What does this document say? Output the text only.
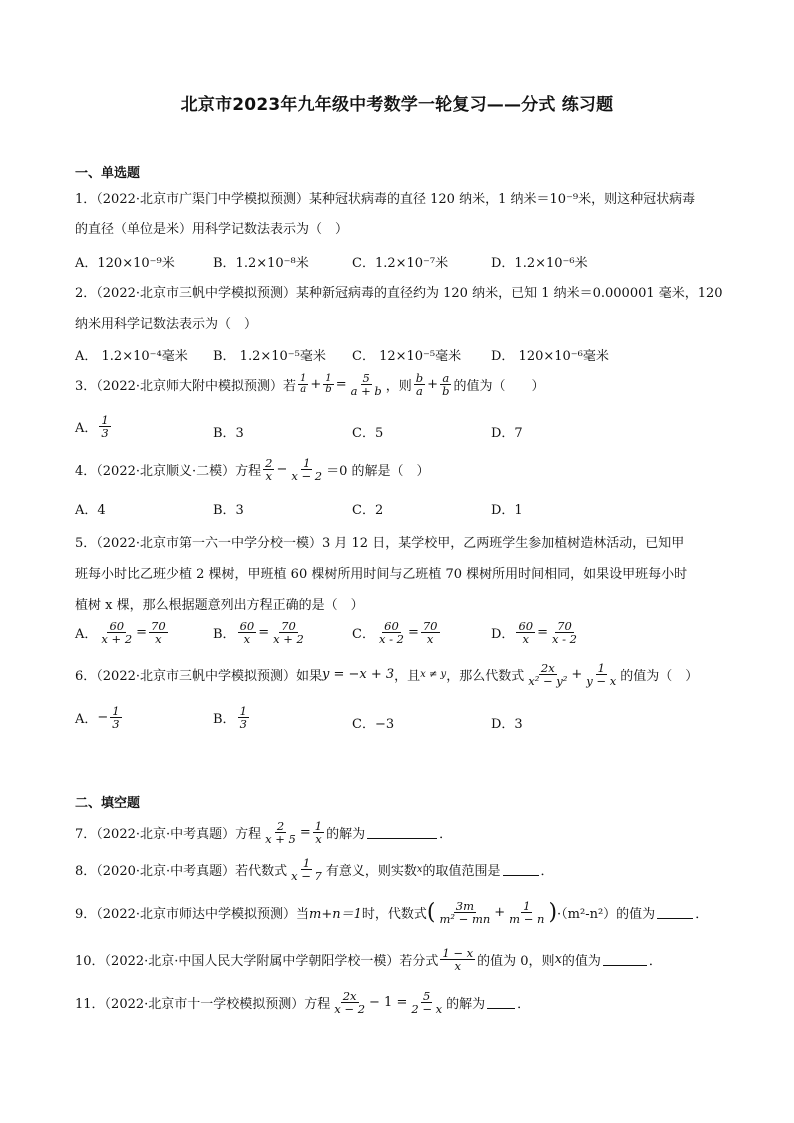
北京市2023年九年级中考数学一轮复习——分式 练习题
一、单选题
1．（2022·北京市广渠门中学模拟预测）某种冠状病毒的直径 120 纳米，1 纳米＝10⁻⁹米，则这种冠状病毒
的直径（单位是米）用科学记数法表示为（　）
A．120×10⁻⁹米	B．1.2×10⁻⁸米	C．1.2×10⁻⁷米	D．1.2×10⁻⁶米
2．（2022·北京市三帆中学模拟预测）某种新冠病毒的直径约为 120 纳米，已知 1 纳米＝0.000001 毫米，120
纳米用科学记数法表示为（　）
A． 1.2×10⁻⁴毫米 B． 1.2×10⁻⁵毫米 C． 12×10⁻⁵毫米 D． 120×10⁻⁶毫米
3．（2022·北京师大附中模拟预测）若 $\frac{1}{a} + \frac{1}{b} = \frac{5}{a + b}$ ，则 $\frac{b}{a} + \frac{a}{b}$ 的值为（　　）
A． $\frac{1}{3}$	B．3	C．5	D．7
4．（2022·北京顺义·二模）方程 $\frac{2}{x} - \frac{1}{x - 2} =0$ 的解是（　）
A．4	B．3	C．2	D．1
5．（2022·北京市第一六一中学分校一模）3 月 12 日，某学校甲，乙两班学生参加植树造林活动，已知甲
班每小时比乙班少植 2 棵树，甲班植 60 棵树所用时间与乙班植 70 棵树所用时间相同，如果设甲班每小时
植树 x 棵，那么根据题意列出方程正确的是（　）
A． $\frac{60}{x + 2} = \frac{70}{x}$	B． $\frac{60}{x} = \frac{70}{x + 2}$	C． $\frac{60}{x - 2} = \frac{70}{x}$	D． $\frac{60}{x} = \frac{70}{x - 2}$
6．（2022·北京市三帆中学模拟预测）如果 y = −x + 3 ，且 x ≠ y ，那么代数式 $\frac{2x}{\text{x² − y²}} + \frac{1}{y - x}$ 的值为（　）
A． − $\frac{1}{3}$	B． $\frac{1}{3}$	C．−3	D．3
二、填空题
7．（2022·北京·中考真题）方程 $\frac{2}{x + 5} = \frac{1}{x}$ 的解为	．
8．（2020·北京·中考真题）若代数式 $\frac{1}{x - 7}$ 有意义，则实数 x 的取值范围是	．
9．（2022·北京市师达中学模拟预测）当 m+n＝1 时，代数式 ( $\frac{3m}{\text{m² − mn}} + \frac{1}{m - n}$ ) ·（m²-n²）的值为	．
10．（2022·北京·中国人民大学附属中学朝阳学校一模）若分式 $\frac{1 - x}{x}$ 的值为 0，则 x 的值为	．
11．（2022·北京市十一学校模拟预测）方程 $\frac{2x}{x - 2} - 1 = \frac{5}{2 - x}$ 的解为 ．
